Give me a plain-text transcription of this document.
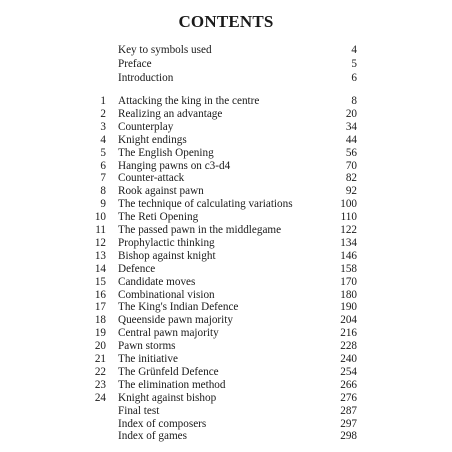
CONTENTS
Key to symbols used	4
Preface	5
Introduction	6
1 Attacking the king in the centre	8
2 Realizing an advantage	20
3 Counterplay	34
4 Knight endings	44
5 The English Opening	56
6 Hanging pawns on c3-d4	70
7 Counter-attack	82
8 Rook against pawn	92
9 The technique of calculating variations	100
10 The Reti Opening	110
11 The passed pawn in the middlegame	122
12 Prophylactic thinking	134
13 Bishop against knight	146
14 Defence	158
15 Candidate moves	170
16 Combinational vision	180
17 The King's Indian Defence	190
18 Queenside pawn majority	204
19 Central pawn majority	216
20 Pawn storms	228
21 The initiative	240
22 The Grünfeld Defence	254
23 The elimination method	266
24 Knight against bishop	276
Final test	287
Index of composers	297
Index of games	298
